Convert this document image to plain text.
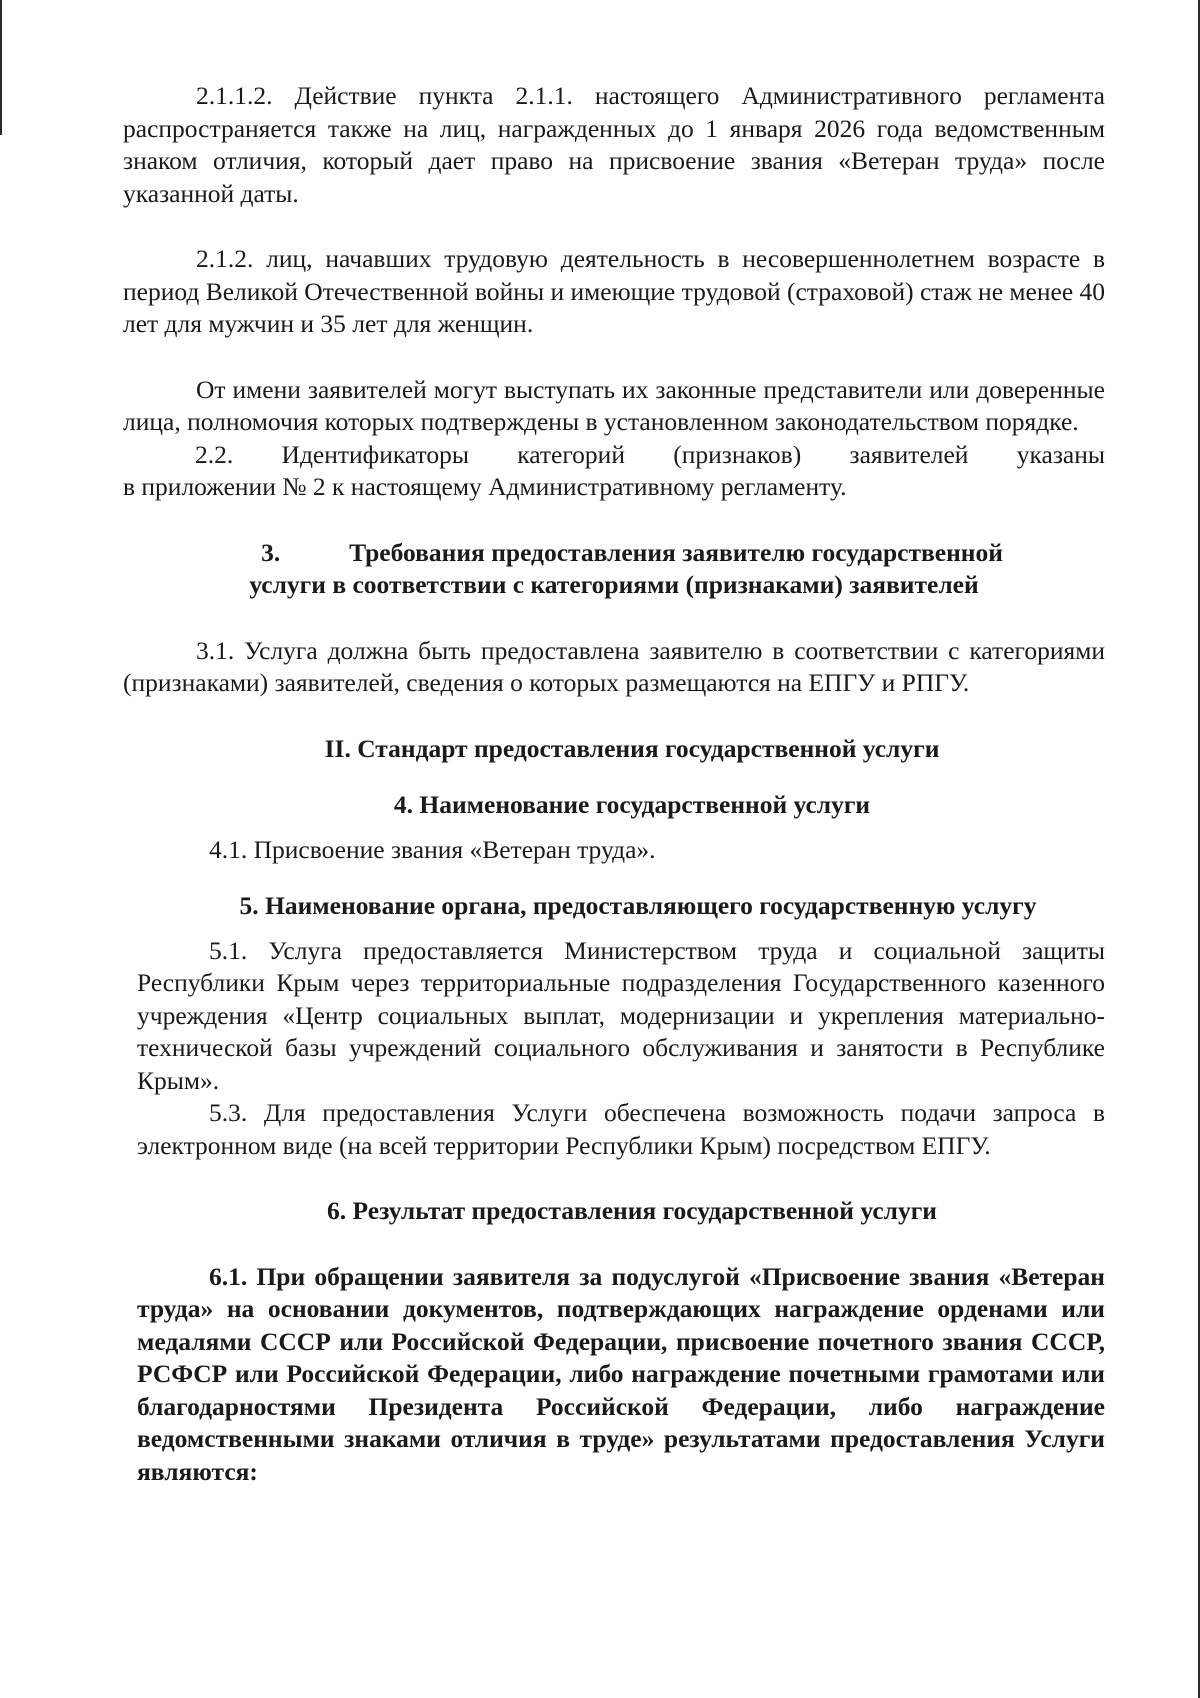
2.1.1.2. Действие пункта 2.1.1. настоящего Административного регламента распространяется также на лиц, награжденных до 1 января 2026 года ведомственным знаком отличия, который дает право на присвоение звания «Ветеран труда» после указанной даты.

2.1.2. лиц, начавших трудовую деятельность в несовершеннолетнем возрасте в период Великой Отечественной войны и имеющие трудовой (страховой) стаж не менее 40 лет для мужчин и 35 лет для женщин.

От имени заявителей могут выступать их законные представители или доверенные лица, полномочия которых подтверждены в установленном законодательством порядке.

2.2. Идентификаторы категорий (признаков) заявителей указаны

в приложении № 2 к настоящему Административному регламенту.

3.	Требования предоставления заявителю государственной
услуги в соответствии с категориями (признаками) заявителей

3.1. Услуга должна быть предоставлена заявителю в соответствии с категориями (признаками) заявителей, сведения о которых размещаются на ЕПГУ и РПГУ.

II. Стандарт предоставления государственной услуги
4. Наименование государственной услуги

4.1. Присвоение звания «Ветеран труда».

5. Наименование органа, предоставляющего государственную услугу

5.1. Услуга предоставляется Министерством труда и социальной защиты Республики Крым через территориальные подразделения Государственного казенного учреждения «Центр социальных выплат, модернизации и укрепления материально-технической базы учреждений социального обслуживания и занятости в Республике Крым».

5.3. Для предоставления Услуги обеспечена возможность подачи запроса в электронном виде (на всей территории Республики Крым) посредством ЕПГУ.

6. Результат предоставления государственной услуги

6.1. При обращении заявителя за подуслугой «Присвоение звания «Ветеран труда» на основании документов, подтверждающих награждение орденами или медалями СССР или Российской Федерации, присвоение почетного звания СССР, РСФСР или Российской Федерации, либо награждение почетными грамотами или благодарностями Президента Российской Федерации, либо награждение ведомственными знаками отличия в труде» результатами предоставления Услуги являются:
